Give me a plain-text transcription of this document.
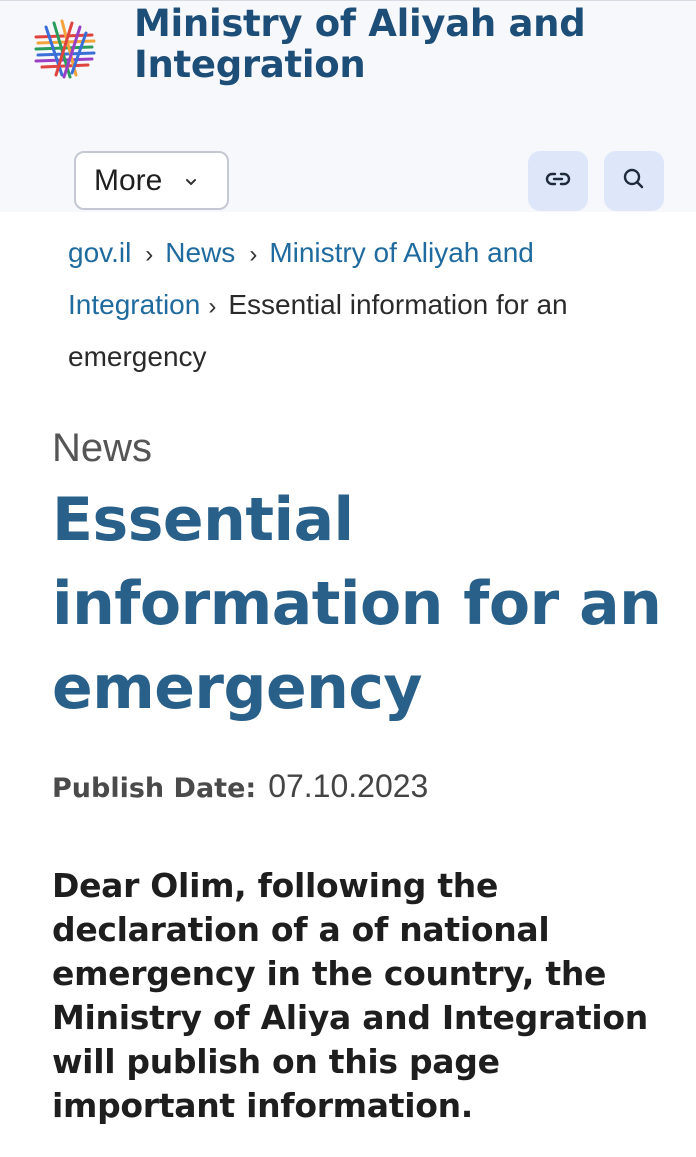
Ministry of Aliyah and Integration
More
gov.il › News › Ministry of Aliyah and Integration › Essential information for an emergency
News
Essential information for an emergency
Publish Date: 07.10.2023

Dear Olim, following the declaration of a of national emergency in the country, the Ministry of Aliya and Integration will publish on this page important information.
